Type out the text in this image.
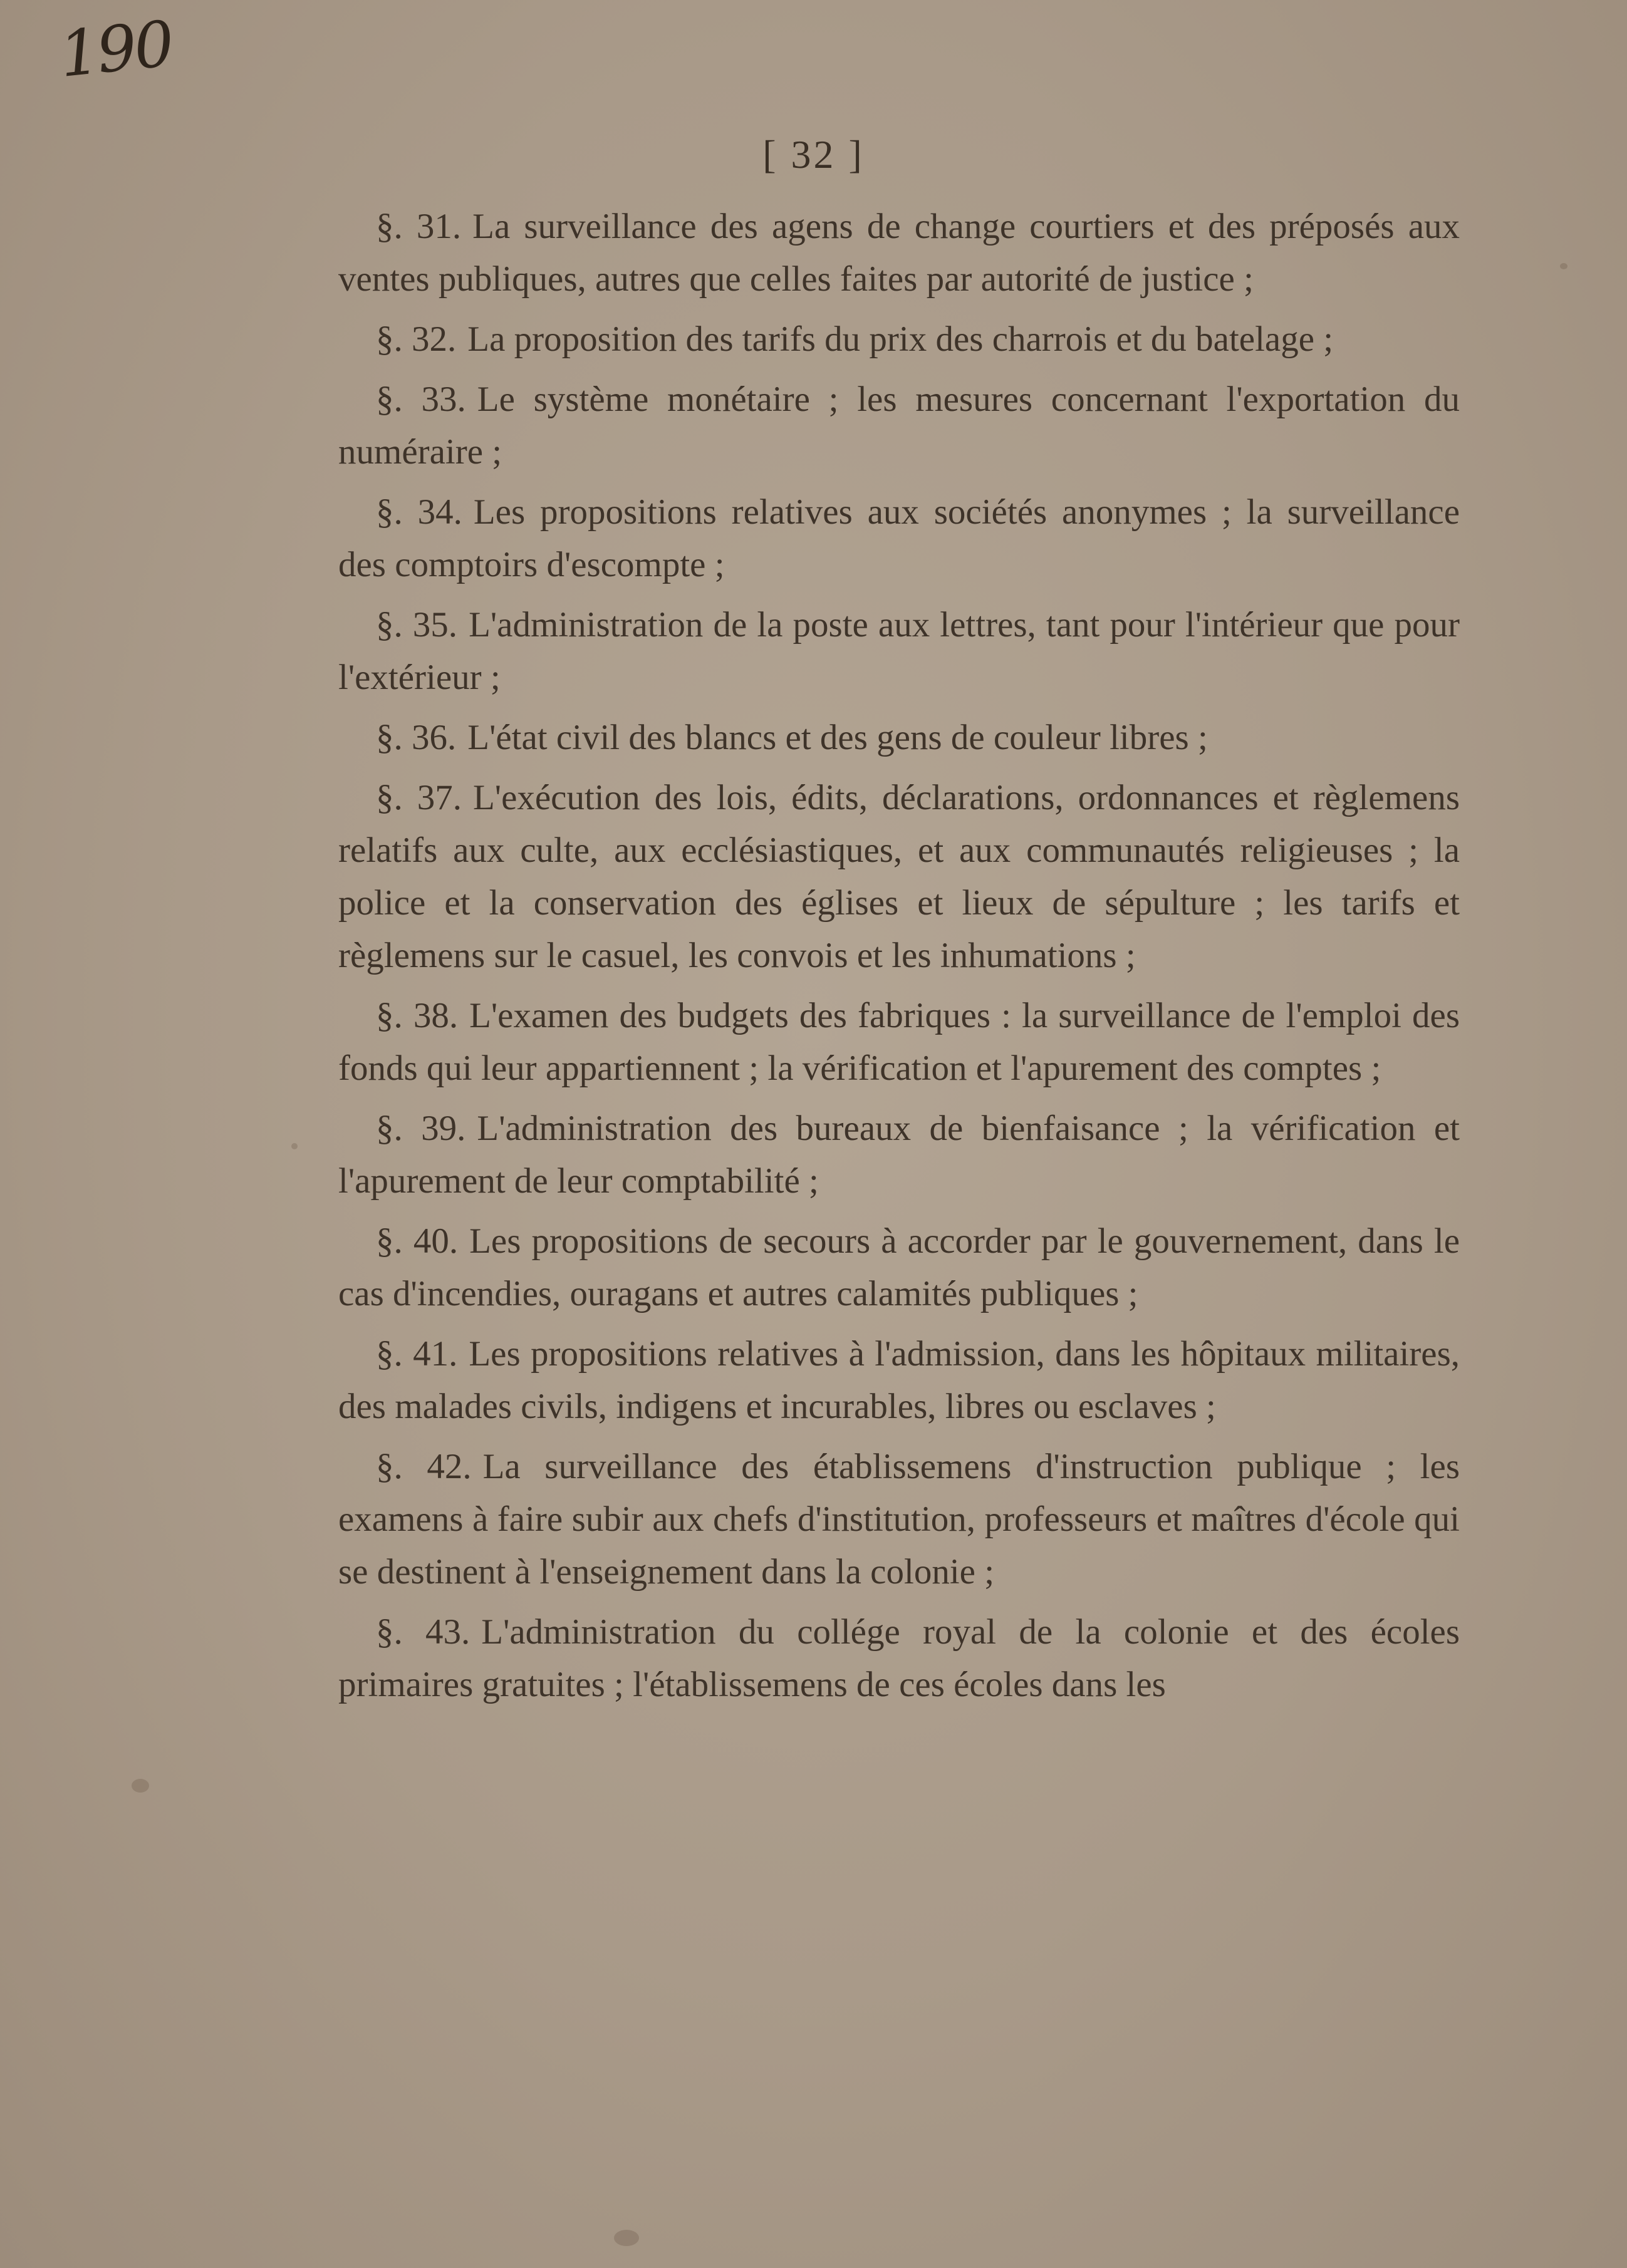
190
[ 32 ]

§. 31. La surveillance des agens de change courtiers et des préposés aux ventes publiques, autres que celles faites par autorité de justice ;

§. 32. La proposition des tarifs du prix des charrois et du batelage ;

§. 33. Le système monétaire ; les mesures concernant l'exportation du numéraire ;

§. 34. Les propositions relatives aux sociétés anonymes ; la surveillance des comptoirs d'escompte ;

§. 35. L'administration de la poste aux lettres, tant pour l'intérieur que pour l'extérieur ;

§. 36. L'état civil des blancs et des gens de couleur libres ;

§. 37. L'exécution des lois, édits, déclarations, ordonnances et règlemens relatifs aux culte, aux ecclésiastiques, et aux communautés religieuses ; la police et la conservation des églises et lieux de sépulture ; les tarifs et règlemens sur le casuel, les convois et les inhumations ;

§. 38. L'examen des budgets des fabriques : la surveillance de l'emploi des fonds qui leur appartiennent ; la vérification et l'apurement des comptes ;

§. 39. L'administration des bureaux de bienfaisance ; la vérification et l'apurement de leur comptabilité ;

§. 40. Les propositions de secours à accorder par le gouvernement, dans le cas d'incendies, ouragans et autres calamités publiques ;

§. 41. Les propositions relatives à l'admission, dans les hôpitaux militaires, des malades civils, indigens et incurables, libres ou esclaves ;

§. 42. La surveillance des établissemens d'instruction publique ; les examens à faire subir aux chefs d'institution, professeurs et maîtres d'école qui se destinent à l'enseignement dans la colonie ;

§. 43. L'administration du collége royal de la colonie et des écoles primaires gratuites ; l'établissemens de ces écoles dans les
